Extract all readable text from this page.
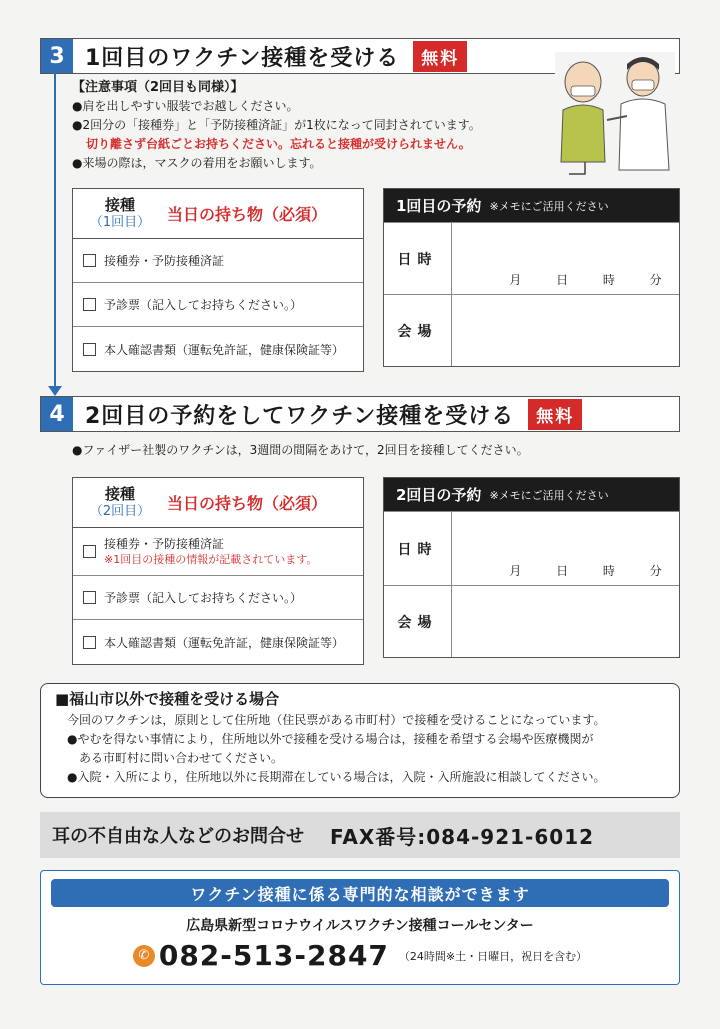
3 1回目のワクチン接種を受ける	無料
【注意事項（2回目も同様）】
●肩を出しやすい服装でお越しください。
●2回分の「接種券」と「予防接種済証」が1枚になって同封されています。
切り離さず台紙ごとお持ちください。忘れると接種が受けられません。
●来場の際は，マスクの着用をお願いします。
接種
（1回目） 当日の持ち物（必須）
接種券・予防接種済証
予診票（記入してお持ちください。）
本人確認書類（運転免許証，健康保険証等）
1回目の予約 ※メモにご活用ください
日時
月	日	時	分
会場
4 2回目の予約をしてワクチン接種を受ける	無料
●ファイザー社製のワクチンは，3週間の間隔をあけて，2回目を接種してください。
接種
（2回目） 当日の持ち物（必須）
接種券・予防接種済証
※1回目の接種の情報が記載されています。
予診票（記入してお持ちください。）
本人確認書類（運転免許証，健康保険証等）
2回目の予約 ※メモにご活用ください
日時
月	日	時	分
会場
■福山市以外で接種を受ける場合
今回のワクチンは，原則として住所地（住民票がある市町村）で接種を受けることになっています。
●やむを得ない事情により，住所地以外で接種を受ける場合は，接種を希望する会場や医療機関が
ある市町村に問い合わせてください。
●入院・入所により，住所地以外に長期滞在している場合は，入院・入所施設に相談してください。
耳の不自由な人などのお問合せ FAX番号:084-921-6012
ワクチン接種に係る専門的な相談ができます
広島県新型コロナウイルスワクチン接種コールセンター
✆ 082-513-2847 （24時間※土・日曜日，祝日を含む）
